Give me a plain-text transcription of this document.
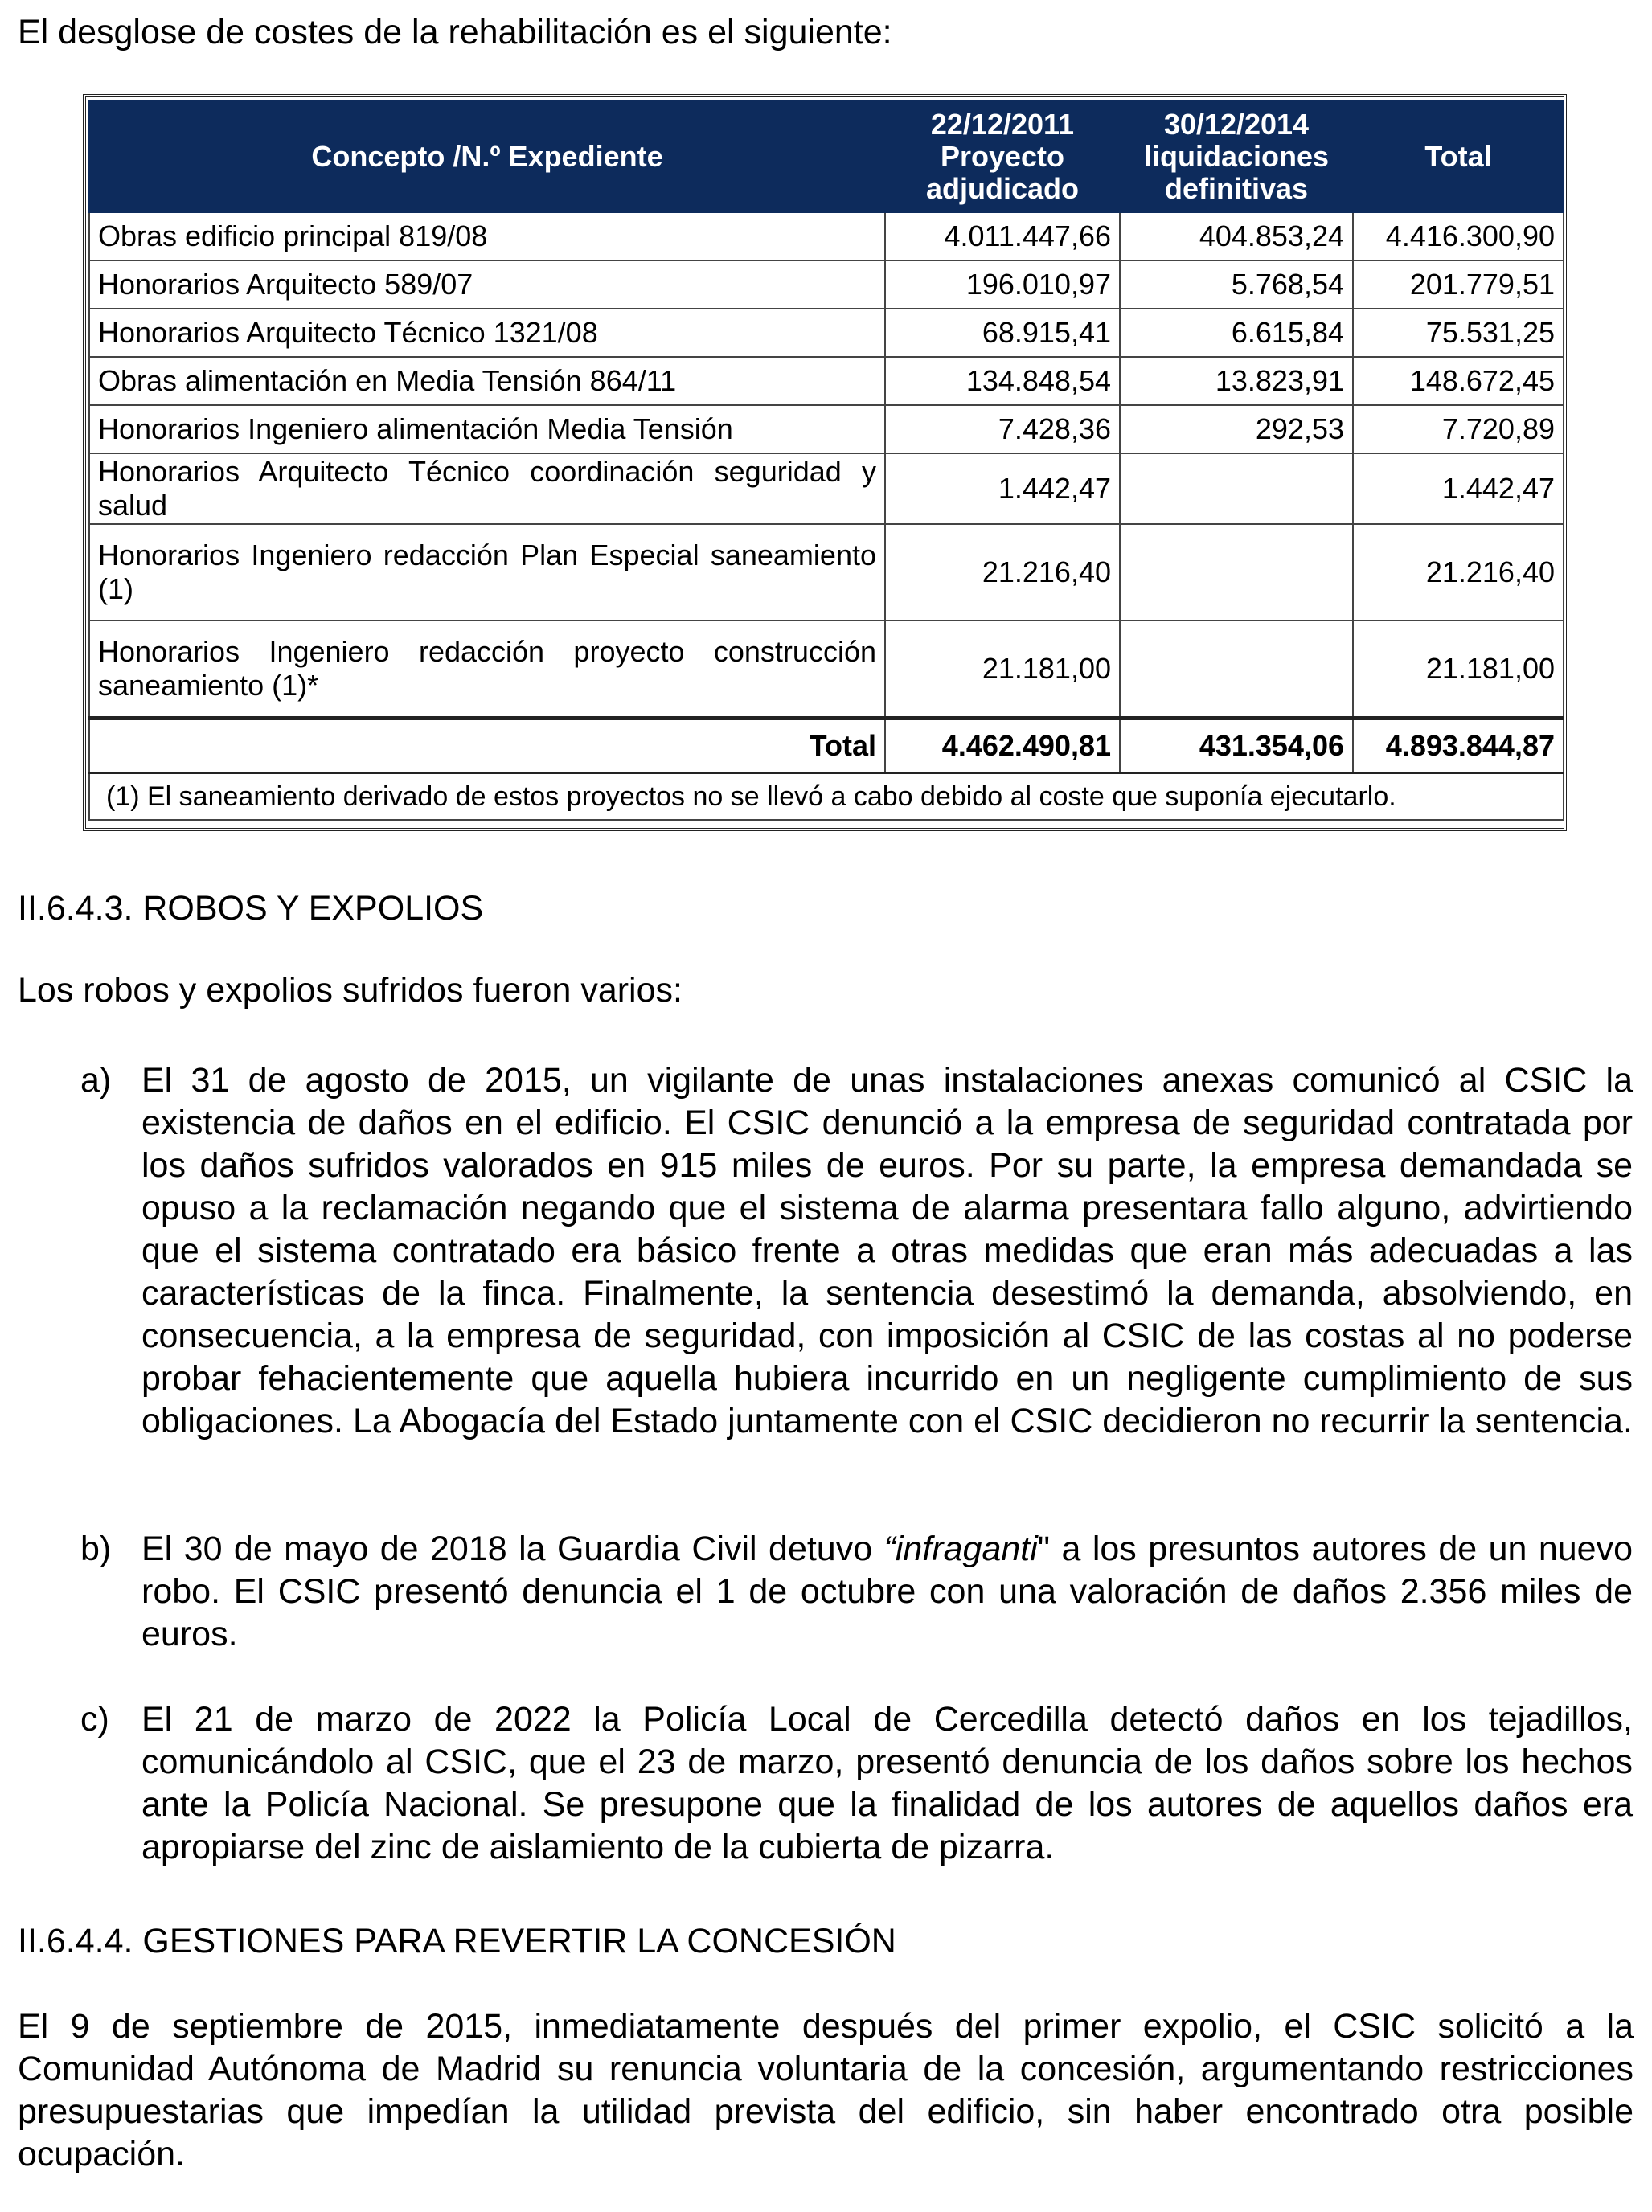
El desglose de costes de la rehabilitación es el siguiente:

Concepto /N.º Expediente	22/12/2011
Proyecto
adjudicado	30/12/2014
liquidaciones
definitivas	Total
Obras edificio principal 819/08	4.011.447,66	404.853,24	4.416.300,90
Honorarios Arquitecto 589/07	196.010,97	5.768,54	201.779,51
Honorarios Arquitecto Técnico 1321/08	68.915,41	6.615,84	75.531,25
Obras alimentación en Media Tensión 864/11	134.848,54	13.823,91	148.672,45
Honorarios Ingeniero alimentación Media Tensión	7.428,36	292,53	7.720,89
Honorarios Arquitecto Técnico coordinación seguridad y salud	1.442,47		1.442,47
Honorarios Ingeniero redacción Plan Especial saneamiento (1)	21.216,40		21.216,40
Honorarios Ingeniero redacción proyecto construcción saneamiento (1)*	21.181,00		21.181,00
Total	4.462.490,81	431.354,06	4.893.844,87
(1) El saneamiento derivado de estos proyectos no se llevó a cabo debido al coste que suponía ejecutarlo.			

II.6.4.3. ROBOS Y EXPOLIOS

Los robos y expolios sufridos fueron varios:

a) El 31 de agosto de 2015, un vigilante de unas instalaciones anexas comunicó al CSIC la existencia de daños en el edificio. El CSIC denunció a la empresa de seguridad contratada por los daños sufridos valorados en 915 miles de euros. Por su parte, la empresa demandada se opuso a la reclamación negando que el sistema de alarma presentara fallo alguno, advirtiendo que el sistema contratado era básico frente a otras medidas que eran más adecuadas a las características de la finca. Finalmente, la sentencia desestimó la demanda, absolviendo, en consecuencia, a la empresa de seguridad, con imposición al CSIC de las costas al no poderse probar fehacientemente que aquella hubiera incurrido en un negligente cumplimiento de sus obligaciones. La Abogacía del Estado juntamente con el CSIC decidieron no recurrir la sentencia.
b) El 30 de mayo de 2018 la Guardia Civil detuvo “infraganti" a los presuntos autores de un nuevo robo. El CSIC presentó denuncia el 1 de octubre con una valoración de daños 2.356 miles de euros.
c) El 21 de marzo de 2022 la Policía Local de Cercedilla detectó daños en los tejadillos, comunicándolo al CSIC, que el 23 de marzo, presentó denuncia de los daños sobre los hechos ante la Policía Nacional. Se presupone que la finalidad de los autores de aquellos daños era apropiarse del zinc de aislamiento de la cubierta de pizarra.

II.6.4.4. GESTIONES PARA REVERTIR LA CONCESIÓN

El 9 de septiembre de 2015, inmediatamente después del primer expolio, el CSIC solicitó a la Comunidad Autónoma de Madrid su renuncia voluntaria de la concesión, argumentando restricciones presupuestarias que impedían la utilidad prevista del edificio, sin haber encontrado otra posible ocupación.
